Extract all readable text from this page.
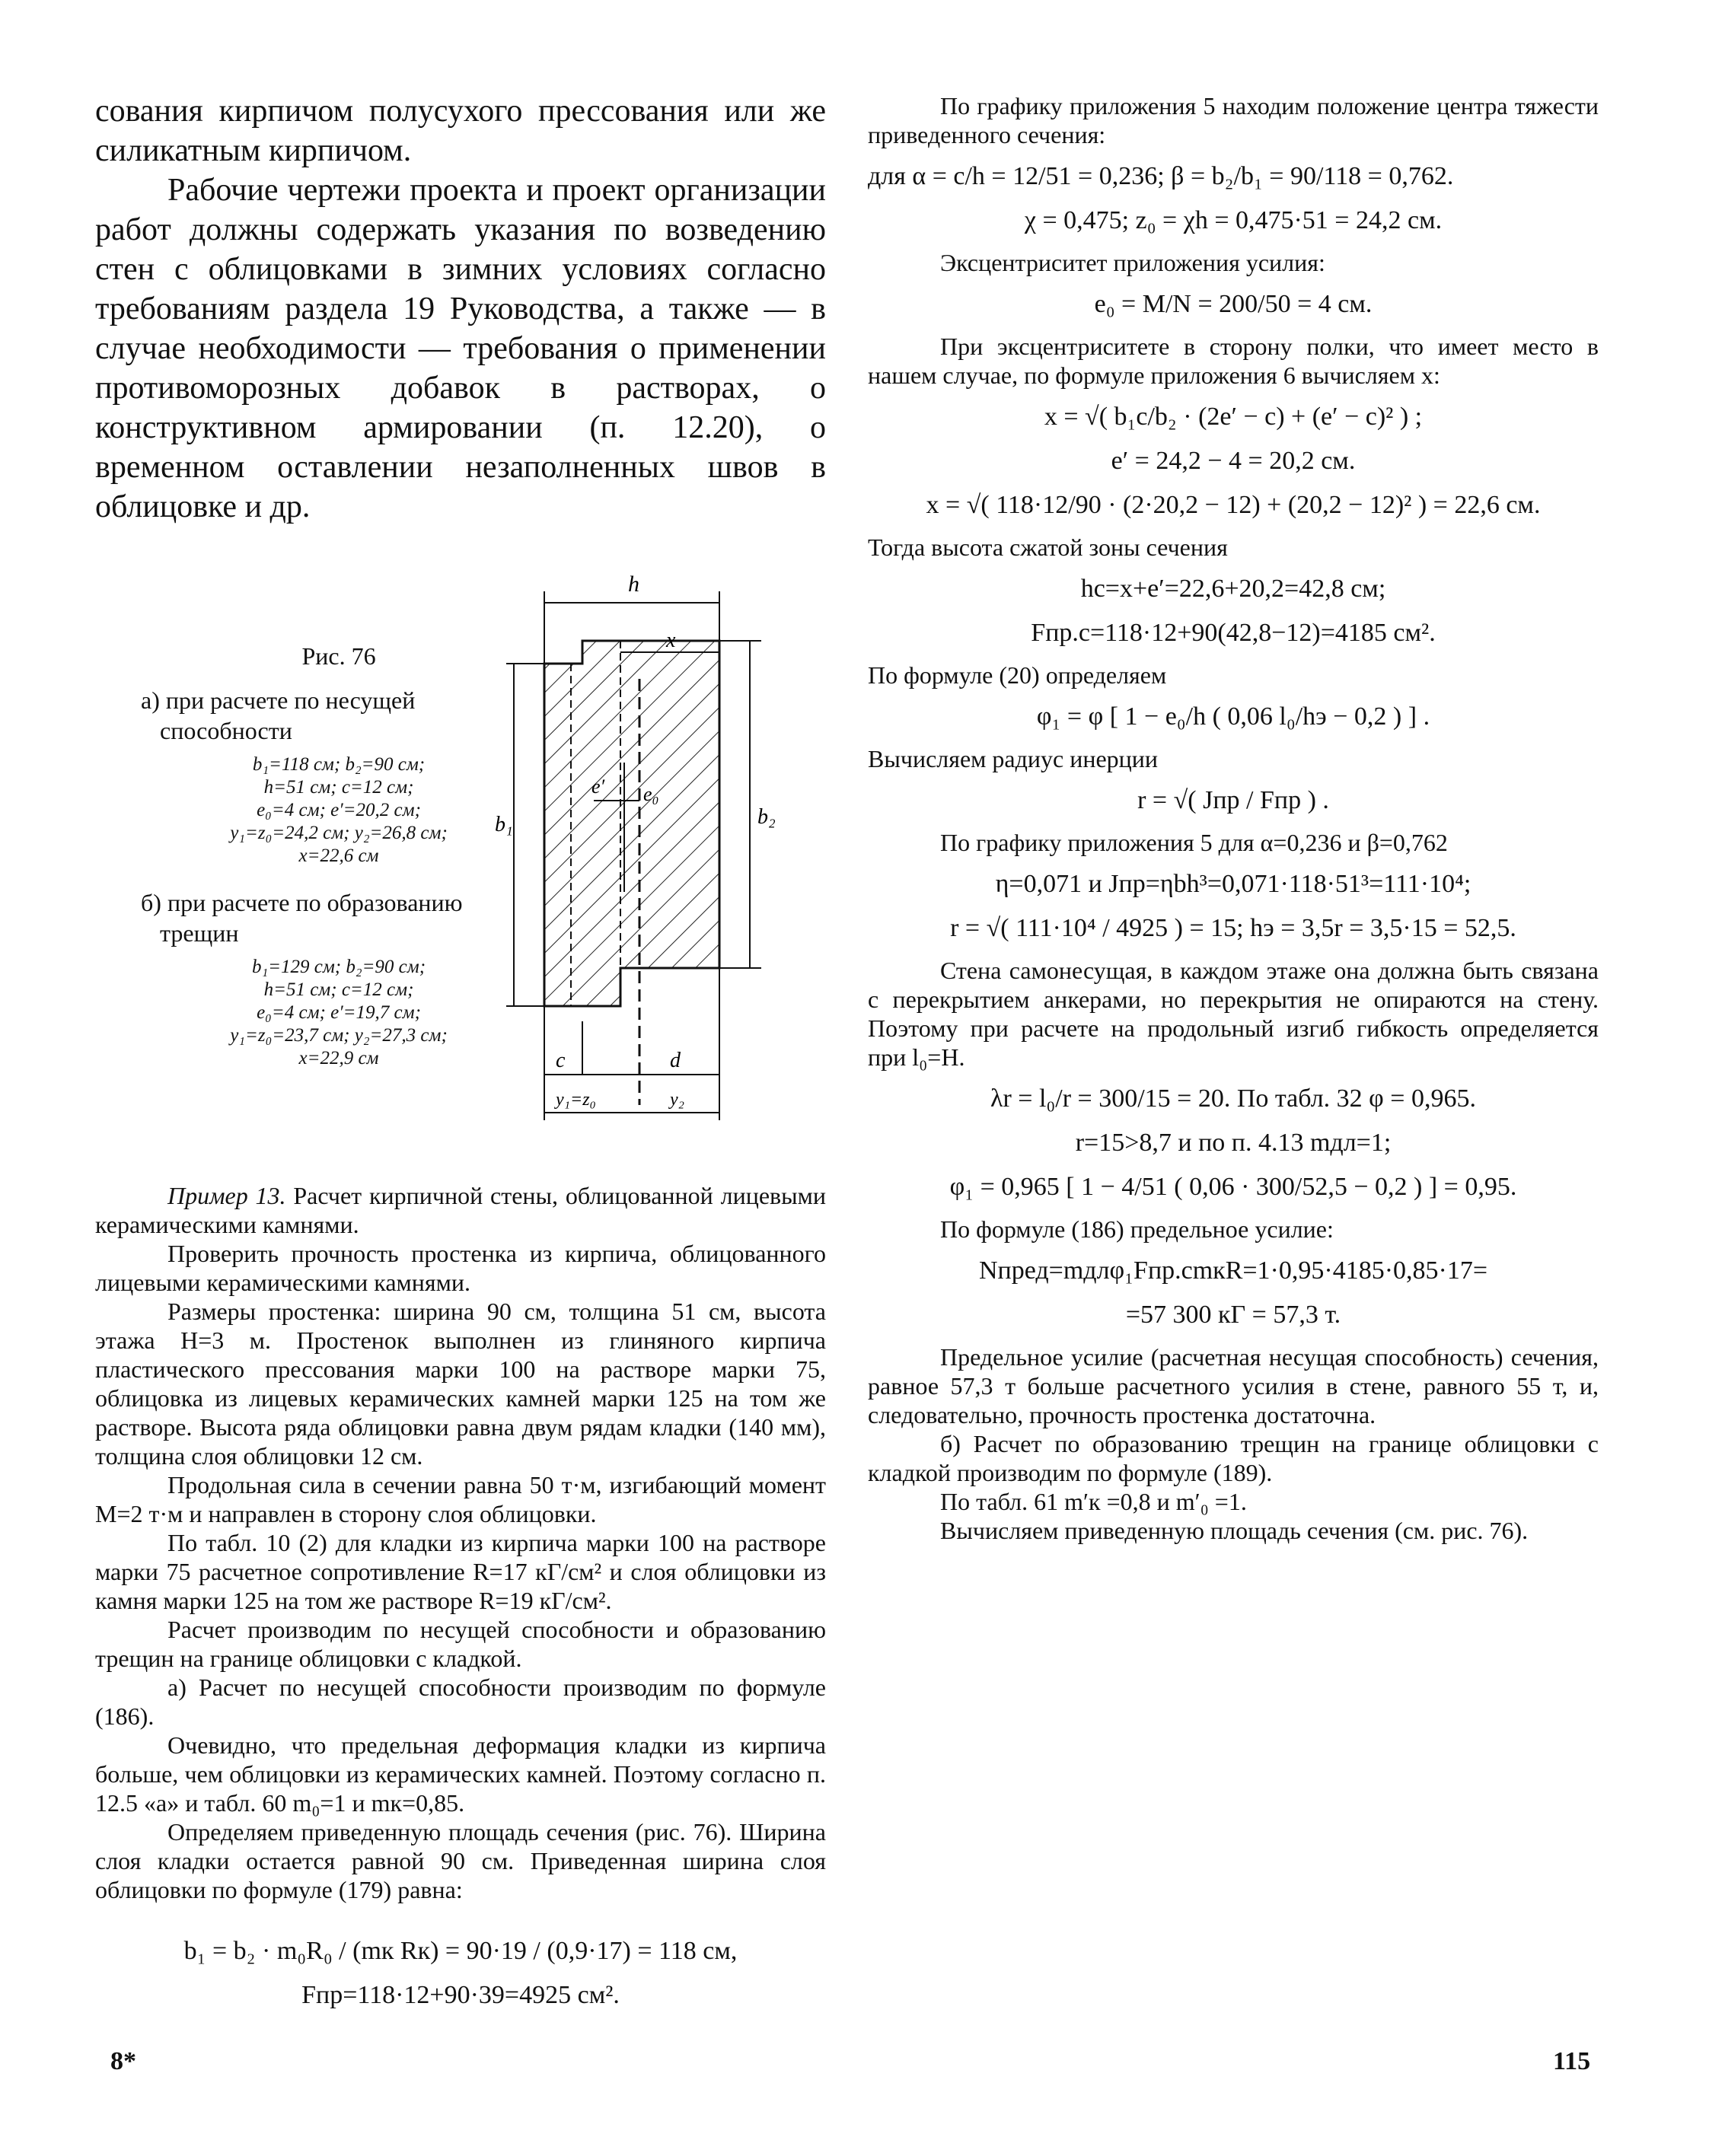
сования кирпичом полусухого прессования или же силикатным кирпичом.

Рабочие чертежи проекта и проект организации работ должны содержать указания по возведению стен с облицовками в зимних условиях согласно требованиям раздела 19 Руководства, а также — в случае необходимости — требования о применении противоморозных добавок в растворах, о конструктивном армировании (п. 12.20), о временном оставлении незаполненных швов в облицовке и др.

Рис. 76

а) при расчете по несущей способности

b₁=118 см; b₂=90 см;

h=51 см; c=12 см;

e₀=4 см; e′=20,2 см;

y₁=z₀=24,2 см; y₂=26,8 см;

x=22,6 см

б) при расчете по образованию трещин

b₁=129 см; b₂=90 см;

h=51 см; c=12 см;

e₀=4 см; e′=19,7 см;

y₁=z₀=23,7 см; y₂=27,3 см;

x=22,9 см

h
x
e′ e₀
b₁	b₂
c	d
y₁=z₀	y₂

Пример 13. Расчет кирпичной стены, облицованной лицевыми керамическими камнями.

Проверить прочность простенка из кирпича, облицованного лицевыми керамическими камнями.

Размеры простенка: ширина 90 см, толщина 51 см, высота этажа H=3 м. Простенок выполнен из глиняного кирпича пластического прессования марки 100 на растворе марки 75, облицовка из лицевых керамических камней марки 125 на том же растворе. Высота ряда облицовки равна двум рядам кладки (140 мм), толщина слоя облицовки 12 см.

Продольная сила в сечении равна 50 т·м, изгибающий момент M=2 т·м и направлен в сторону слоя облицовки.

По табл. 10 (2) для кладки из кирпича марки 100 на растворе марки 75 расчетное сопротивление R=17 кГ/см² и слоя облицовки из камня марки 125 на том же растворе R=19 кГ/см².

Расчет производим по несущей способности и образованию трещин на границе облицовки с кладкой.

а) Расчет по несущей способности производим по формуле (186).

Очевидно, что предельная деформация кладки из кирпича больше, чем облицовки из керамических камней. Поэтому согласно п. 12.5 «а» и табл. 60 m₀=1 и mк=0,85.

Определяем приведенную площадь сечения (рис. 76). Ширина слоя кладки остается равной 90 см. Приведенная ширина слоя облицовки по формуле (179) равна:

b₁ = b₂ · m₀R₀ / (mк Rк) = 90·19 / (0,9·17) = 118 см,

Fпр=118·12+90·39=4925 см².

По графику приложения 5 находим положение центра тяжести приведенного сечения:

для α = c/h = 12/51 = 0,236; β = b₂/b₁ = 90/118 = 0,762.

χ = 0,475; z₀ = χh = 0,475·51 = 24,2 см.

Эксцентриситет приложения усилия:

e₀ = M/N = 200/50 = 4 см.

При эксцентриситете в сторону полки, что имеет место в нашем случае, по формуле приложения 6 вычисляем x:

x = √( b₁c/b₂ · (2e′ − c) + (e′ − c)² ) ;

e′ = 24,2 − 4 = 20,2 см.

x = √( 118·12/90 · (2·20,2 − 12) + (20,2 − 12)² ) = 22,6 см.

Тогда высота сжатой зоны сечения

hс=x+e′=22,6+20,2=42,8 см;

Fпр.с=118·12+90(42,8−12)=4185 см².

По формуле (20) определяем

φ₁ = φ [ 1 − e₀/h ( 0,06 l₀/hэ − 0,2 ) ] .

Вычисляем радиус инерции

r = √( Jпр / Fпр ) .

По графику приложения 5 для α=0,236 и β=0,762

η=0,071 и Jпр=ηbh³=0,071·118·51³=111·10⁴;

r = √( 111·10⁴ / 4925 ) = 15; hэ = 3,5r = 3,5·15 = 52,5.

Стена самонесущая, в каждом этаже она должна быть связана с перекрытием анкерами, но перекрытия не опираются на стену. Поэтому при расчете на продольный изгиб гибкость определяется при l₀=H.

λr = l₀/r = 300/15 = 20. По табл. 32 φ = 0,965.

r=15>8,7 и по п. 4.13 mдл=1;

φ₁ = 0,965 [ 1 − 4/51 ( 0,06 · 300/52,5 − 0,2 ) ] = 0,95.

По формуле (186) предельное усилие:

Nпред=mдлφ₁Fпр.сmкR=1·0,95·4185·0,85·17=

=57 300 кГ = 57,3 т.

Предельное усилие (расчетная несущая способность) сечения, равное 57,3 т больше расчетного усилия в стене, равного 55 т, и, следовательно, прочность простенка достаточна.

б) Расчет по образованию трещин на границе облицовки с кладкой производим по формуле (189).

По табл. 61 m′к =0,8 и m′₀ =1.

Вычисляем приведенную площадь сечения (см. рис. 76).

8*	115
